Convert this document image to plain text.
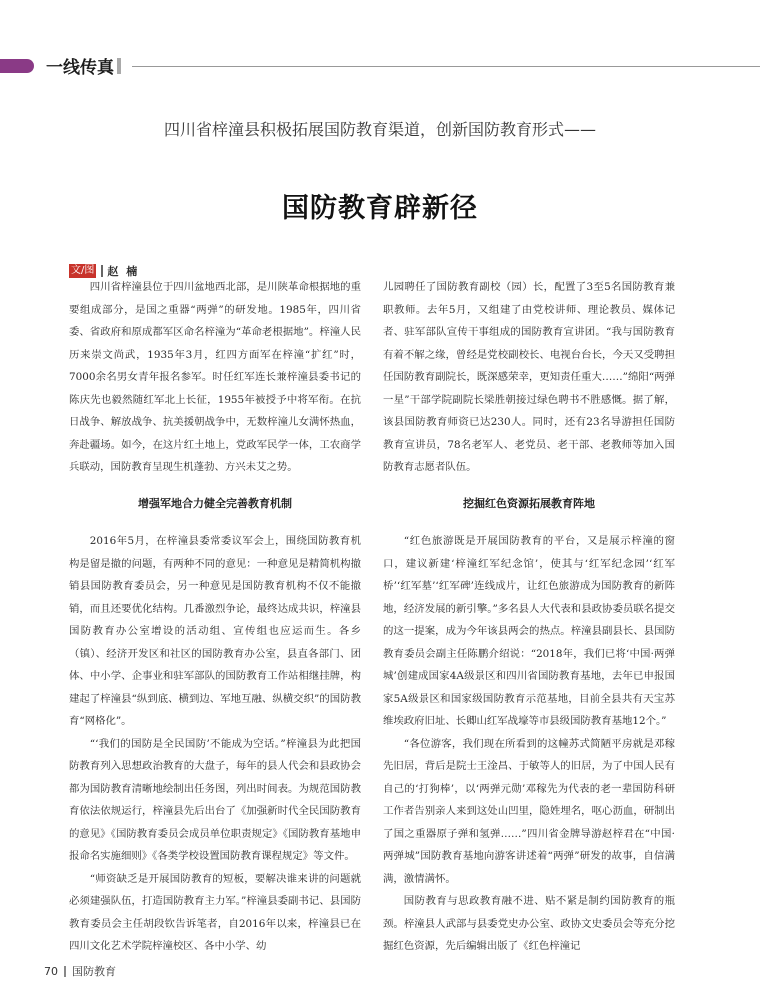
一线传真
四川省梓潼县积极拓展国防教育渠道，创新国防教育形式——
国防教育辟新径
文/图 赵 楠

四川省梓潼县位于四川盆地西北部，是川陕革命根据地的重要组成部分，是国之重器“两弹”的研发地。1985年，四川省委、省政府和原成都军区命名梓潼为“革命老根据地”。梓潼人民历来崇文尚武，1935年3月，红四方面军在梓潼“扩红”时，7000余名男女青年报名参军。时任红军连长兼梓潼县委书记的陈庆先也毅然随红军北上长征，1955年被授予中将军衔。在抗日战争、解放战争、抗美援朝战争中，无数梓潼儿女满怀热血，奔赴疆场。如今，在这片红土地上，党政军民学一体，工农商学兵联动，国防教育呈现生机蓬勃、方兴未艾之势。

增强军地合力健全完善教育机制

2016年5月，在梓潼县委常委议军会上，围绕国防教育机构是留是撤的问题，有两种不同的意见：一种意见是精简机构撤销县国防教育委员会，另一种意见是国防教育机构不仅不能撤销，而且还要优化结构。几番激烈争论，最终达成共识，梓潼县国防教育办公室增设的活动组、宣传组也应运而生。各乡（镇）、经济开发区和社区的国防教育办公室，县直各部门、团体、中小学、企事业和驻军部队的国防教育工作站相继挂牌，构建起了梓潼县“纵到底、横到边、军地互融、纵横交织”的国防教育“网格化”。

“‘我们的国防是全民国防’不能成为空话。”梓潼县为此把国防教育列入思想政治教育的大盘子，每年的县人代会和县政协会都为国防教育清晰地绘制出任务图，列出时间表。为规范国防教育依法依规运行，梓潼县先后出台了《加强新时代全民国防教育的意见》《国防教育委员会成员单位职责规定》《国防教育基地申报命名实施细则》《各类学校设置国防教育课程规定》等文件。

“师资缺乏是开展国防教育的短板，要解决谁来讲的问题就必须建强队伍，打造国防教育主力军。”梓潼县委副书记、县国防教育委员会主任胡段钦告诉笔者，自2016年以来，梓潼县已在四川文化艺术学院梓潼校区、各中小学、幼

儿园聘任了国防教育副校（园）长，配置了3至5名国防教育兼职教师。去年5月，又组建了由党校讲师、理论教员、媒体记者、驻军部队宣传干事组成的国防教育宣讲团。“我与国防教育有着不解之缘，曾经是党校副校长、电视台台长，今天又受聘担任国防教育副院长，既深感荣幸，更知责任重大……”绵阳“两弹一星”干部学院副院长梁胜朝接过绿色聘书不胜感慨。据了解，该县国防教育师资已达230人。同时，还有23名导游担任国防教育宣讲员，78名老军人、老党员、老干部、老教师等加入国防教育志愿者队伍。

挖掘红色资源拓展教育阵地

“红色旅游既是开展国防教育的平台，又是展示梓潼的窗口，建议新建‘梓潼红军纪念馆’，使其与‘红军纪念园’‘红军桥’‘红军墓’‘红军碑’连线成片，让红色旅游成为国防教育的新阵地，经济发展的新引擎。”多名县人大代表和县政协委员联名提交的这一提案，成为今年该县两会的热点。梓潼县副县长、县国防教育委员会副主任陈鹏介绍说：“2018年，我们已将‘中国·两弹城’创建成国家4A级景区和四川省国防教育基地，去年已申报国家5A级景区和国家级国防教育示范基地，目前全县共有天宝苏维埃政府旧址、长卿山红军战壕等市县级国防教育基地12个。”

“各位游客，我们现在所看到的这幢苏式简陋平房就是邓稼先旧居，背后是院士王淦昌、于敏等人的旧居，为了中国人民有自己的‘打狗棒’，以‘两弹元勋’邓稼先为代表的老一辈国防科研工作者告别亲人来到这处山凹里，隐姓埋名，呕心沥血，研制出了国之重器原子弹和氢弹……”四川省金牌导游赵梓君在“中国·两弹城”国防教育基地向游客讲述着“两弹”研发的故事，自信满满，激情满怀。

国防教育与思政教育融不进、贴不紧是制约国防教育的瓶颈。梓潼县人武部与县委党史办公室、政协文史委员会等充分挖掘红色资源，先后编辑出版了《红色梓潼记

70 国防教育
